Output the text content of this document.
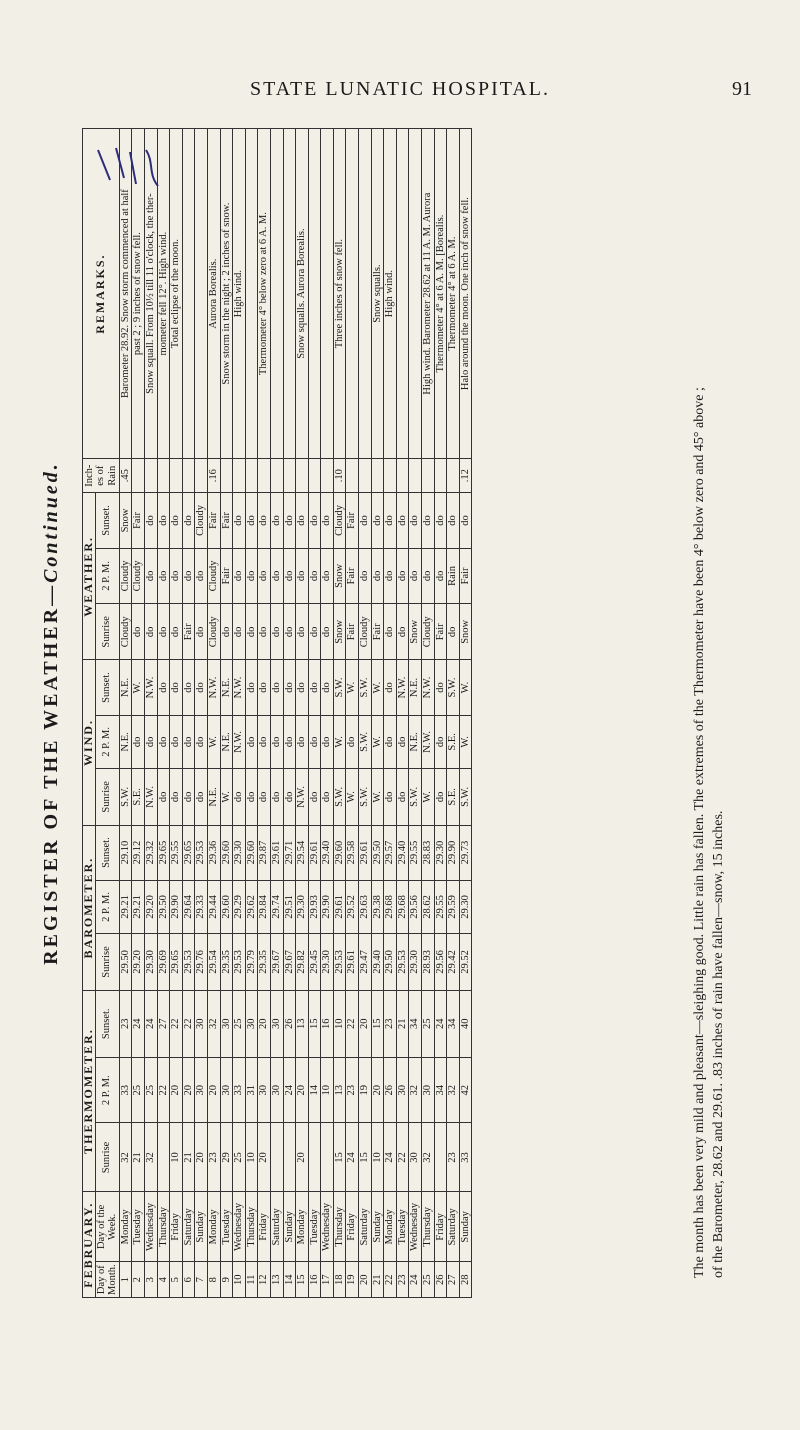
STATE LUNATIC HOSPITAL.	91
REGISTER OF THE WEATHER—Continued.
FEBRUARY.		THERMOMETER.			BAROMETER.			WIND.			WEATHER.			Inch-es of Rain	REMARKS.
Day of Month.	Day of the Week.	Sunrise	2 P. M.	Sunset.	Sunrise	2 P. M.	Sunset.	Sunrise	2 P. M.	Sunset.	Sunrise	2 P. M.	Sunset.		
1	Monday	32	33	23	29.50	29.21	29.10	S.W.	N.E.	N.E.	Cloudy	Cloudy	Snow	.45	Barometer 28.92. Snow storm commenced at half
2	Tuesday	21	25	24	29.20	29.21	29.12	S.E.	do	W.	do	Cloudy	Fair		past 2 ; 9 inches of snow fell.
3	Wednesday	32	25	24	29.30	29.20	29.32	N.W.	do	N.W.	do	do	do		Snow squall. From 10½ till 11 o'clock, the ther-
4	Thursday		22	27	29.69	29.50	29.65	do	do	do	do	do	do		mometer fell 12°. High wind.
5	Friday	10	20	22	29.65	29.90	29.55	do	do	do	do	do	do		Total eclipse of the moon.
6	Saturday	21	20	22	29.53	29.64	29.65	do	do	do	Fair	do	do		
7	Sunday	20	30	30	29.76	29.33	29.53	do	do	do	do	do	Cloudy		
8	Monday	23	20	32	29.54	29.44	29.36	N.E.	W.	N.W.	Cloudy	Cloudy	Fair	.16	Aurora Borealis.
9	Tuesday	29	30	30	29.35	29.60	29.60	W.	N.E.	N.E.	do	Fair	Fair		Snow storm in the night ; 2 inches of snow.
10	Wednesday	25	33	25	29.53	29.29	29.30	do	N.W.	N.W.	do	do	do		High wind.
11	Thursday	10	31	30	29.79	29.62	29.60	do	do	do	do	do	do		
12	Friday	20	30	20	29.35	29.84	29.87	do	do	do	do	do	do		Thermometer 4° below zero at 6 A. M.
13	Saturday		30	30	29.67	29.74	29.61	do	do	do	do	do	do		
14	Sunday		24	26	29.67	29.51	29.71	do	do	do	do	do	do		
15	Monday	20	20	13	29.82	29.30	29.54	N.W.	do	do	do	do	do		Snow squalls. Aurora Borealis.
16	Tuesday		14	15	29.45	29.93	29.61	do	do	do	do	do	do		
17	Wednesday		10	16	29.30	29.90	29.40	do	do	do	do	do	do		
18	Thursday	15	13	10	29.53	29.61	29.60	S.W.	W.	S.W.	Snow	Snow	Cloudy	.10	Three inches of snow fell.
19	Friday	24	23	22	29.61	29.52	29.58	W.	do	W.	Fair	Fair	Fair		
20	Saturday	15	19	20	29.47	29.63	29.61	S.W.	S.W.	S.W.	Cloudy	do	do		
21	Sunday	10	20	15	29.40	29.38	29.50	W.	W.	W.	Fair	do	do		Snow squalls.
22	Monday	24	26	23	29.50	29.68	29.57	do	do	do	do	do	do		High wind.
23	Tuesday	22	30	21	29.53	29.68	29.40	do	do	N.W.	do	do	do		
24	Wednesday	30	32	34	29.30	29.56	29.55	S.W.	N.E.	N.E.	Snow	do	do		
25	Thursday	32	30	25	28.93	28.62	28.83	W.	N.W.	N.W.	Cloudy	do	do		High wind. Barometer 28.62 at 11 A. M. Aurora
26	Friday		34	24	29.56	29.55	29.30	do	do	do	Fair	do	do		Thermometer 4° at 6 A. M. [Borealis.
27	Saturday	23	32	34	29.42	29.59	29.90	S.E.	S.E.	S.W.	do	Rain	do		Thermometer 4° at 6 A. M.
28	Sunday	33	42	40	29.52	29.30	29.73	S.W.	W.	W.	Snow	Fair	do	.12	Halo around the moon. One inch of snow fell.
The month has been very mild and pleasant—sleighing good. Little rain has fallen. The extremes of the Thermometer have been 4° below zero and 45° above ; of the Barometer, 28.62 and 29.61. .83 inches of rain have fallen—snow, 15 inches.
